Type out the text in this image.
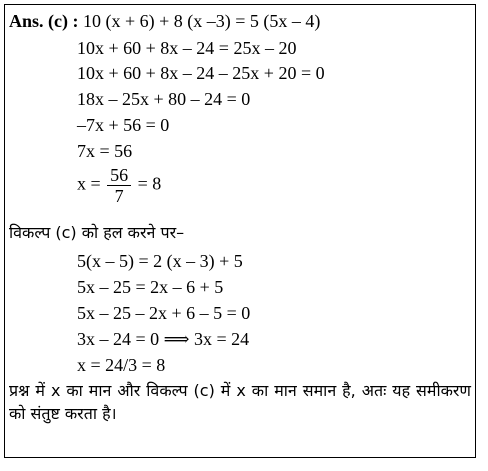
Ans. (c) : 10 (x + 6) + 8 (x –3) = 5 (5x – 4)
10x + 60 + 8x – 24 = 25x – 20
10x + 60 + 8x – 24 – 25x + 20 = 0
18x – 25x + 80 – 24 = 0
–7x + 56 = 0
7x = 56
$x = \frac{56}{7} = 8$
विकल्प (c) को हल करने पर–
5(x – 5) = 2 (x – 3) + 5
5x – 25 = 2x – 6 + 5
5x – 25 – 2x + 6 – 5 = 0
3x – 24 = 0 ⟹ 3x = 24
x = 24/3 = 8
प्रश्न में x का मान और विकल्प (c) में x का मान समान है, अतः यह समीकरण को संतुष्ट करता है।
